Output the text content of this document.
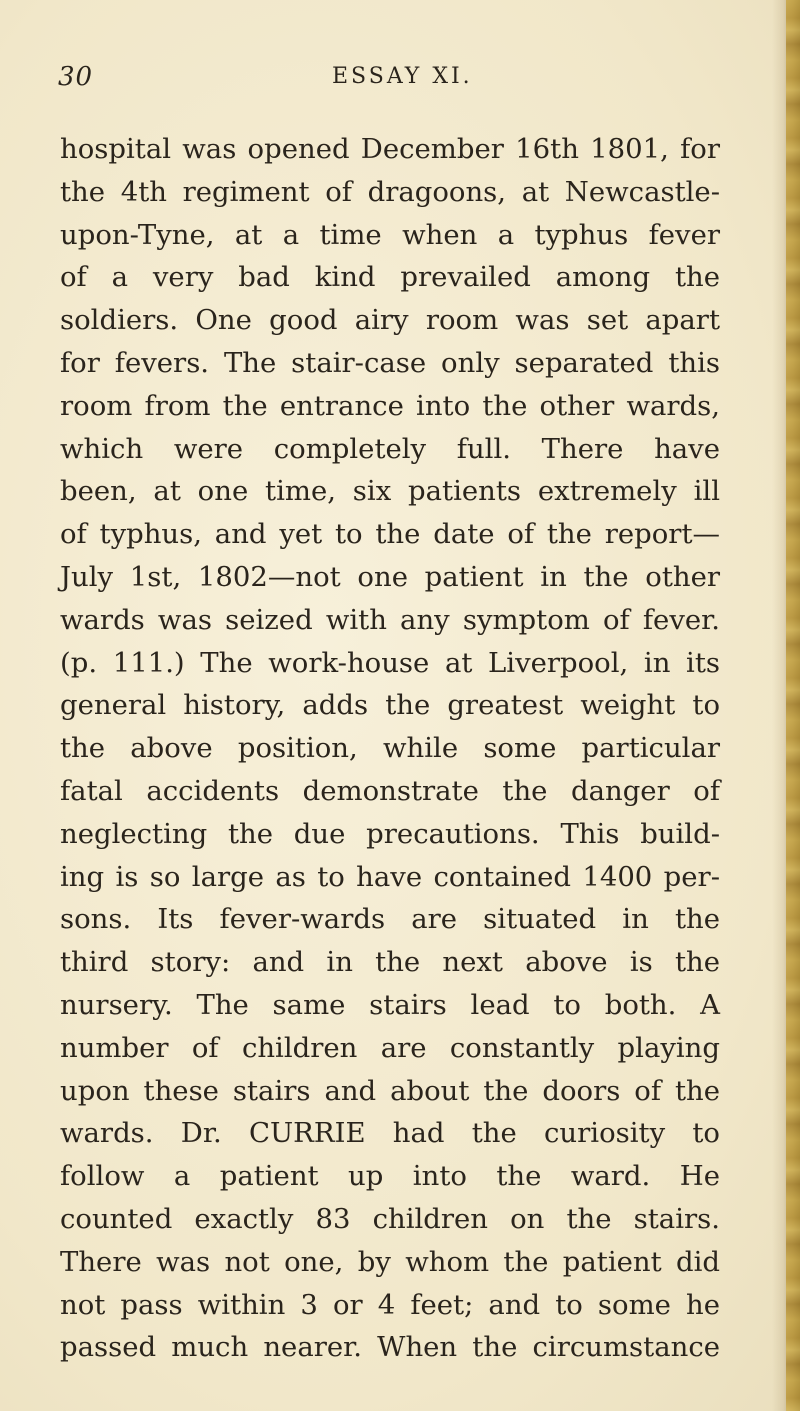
30	ESSAY XI.
hospital was opened December 16th 1801, for
the 4th regiment of dragoons, at Newcastle-
upon-Tyne, at a time when a typhus fever
of a very bad kind prevailed among the
soldiers. One good airy room was set apart
for fevers. The stair-case only separated this
room from the entrance into the other wards,
which were completely full. There have
been, at one time, six patients extremely ill
of typhus, and yet to the date of the report—
July 1st, 1802—not one patient in the other
wards was seized with any symptom of fever.
(p. 111.) The work-house at Liverpool, in its
general history, adds the greatest weight to
the above position, while some particular
fatal accidents demonstrate the danger of
neglecting the due precautions. This build-
ing is so large as to have contained 1400 per-
sons. Its fever-wards are situated in the
third story: and in the next above is the
nursery. The same stairs lead to both. A
number of children are constantly playing
upon these stairs and about the doors of the
wards. Dr. CURRIE had the curiosity to
follow a patient up into the ward. He
counted exactly 83 children on the stairs.
There was not one, by whom the patient did
not pass within 3 or 4 feet; and to some he
passed much nearer. When the circumstance
